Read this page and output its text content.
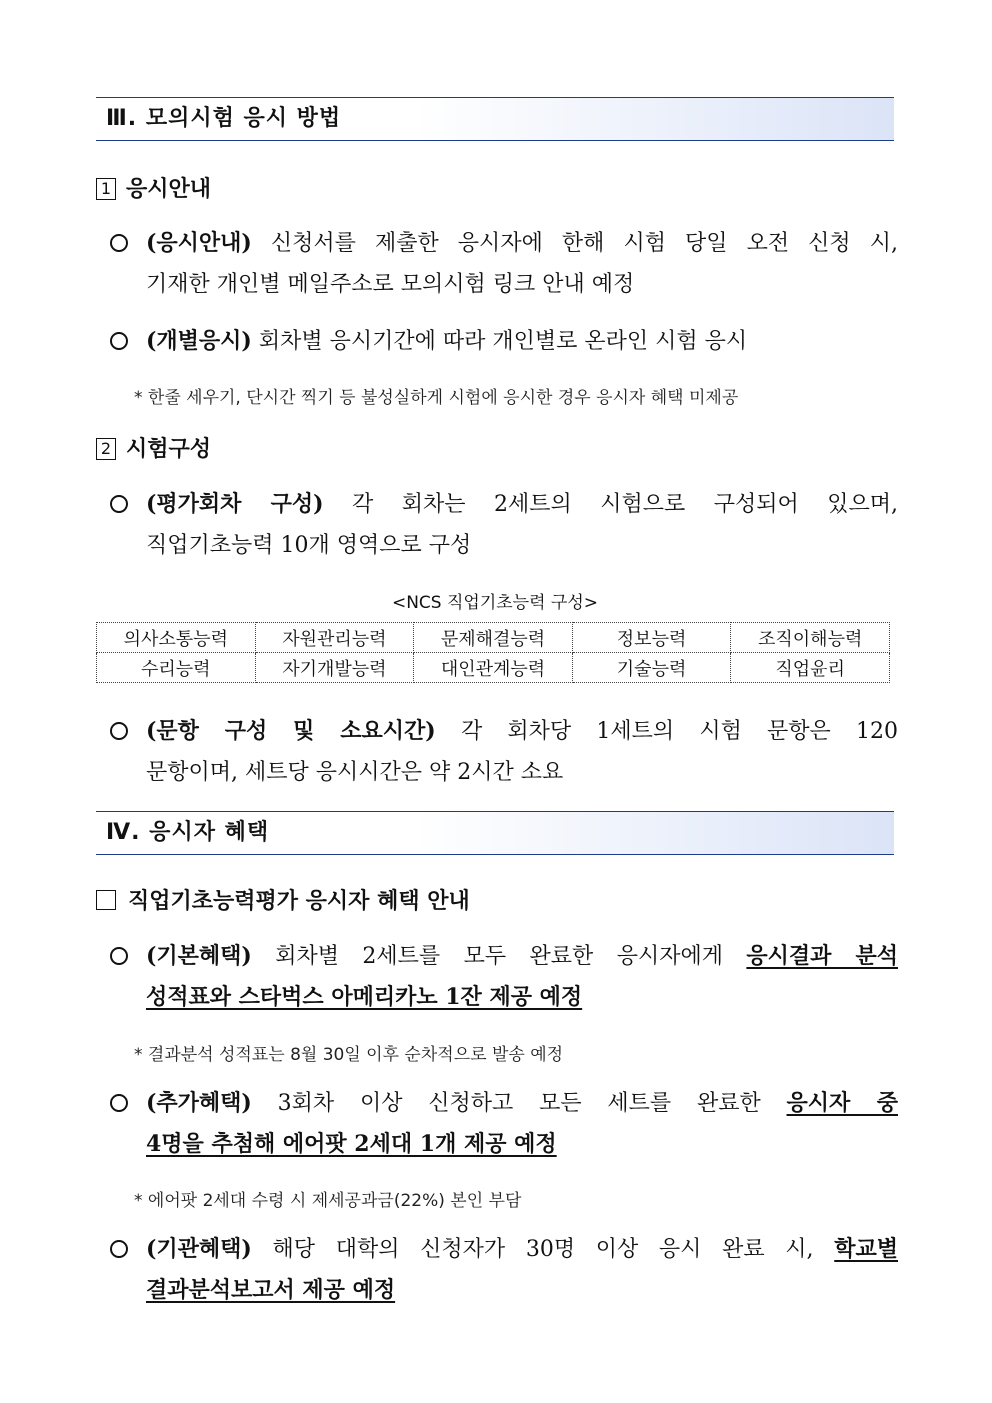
Ⅲ. 모의시험 응시 방법
1 응시안내
(응시안내) 신청서를 제출한 응시자에 한해 시험 당일 오전 신청 시,
기재한 개인별 메일주소로 모의시험 링크 안내 예정
(개별응시) 회차별 응시기간에 따라 개인별로 온라인 시험 응시
* 한줄 세우기, 단시간 찍기 등 불성실하게 시험에 응시한 경우 응시자 혜택 미제공
2 시험구성
(평가회차 구성) 각 회차는 2세트의 시험으로 구성되어 있으며,
직업기초능력 10개 영역으로 구성
<NCS 직업기초능력 구성>
의사소통능력	자원관리능력	문제해결능력	정보능력	조직이해능력
수리능력	자기개발능력	대인관계능력	기술능력	직업윤리
(문항 구성 및 소요시간) 각 회차당 1세트의 시험 문항은 120
문항이며, 세트당 응시시간은 약 2시간 소요
Ⅳ. 응시자 혜택
직업기초능력평가 응시자 혜택 안내
(기본혜택) 회차별 2세트를 모두 완료한 응시자에게 응시결과 분석
성적표와 스타벅스 아메리카노 1잔 제공 예정
* 결과분석 성적표는 8월 30일 이후 순차적으로 발송 예정
(추가혜택) 3회차 이상 신청하고 모든 세트를 완료한 응시자 중
4명을 추첨해 에어팟 2세대 1개 제공 예정
* 에어팟 2세대 수령 시 제세공과금(22%) 본인 부담
(기관혜택) 해당 대학의 신청자가 30명 이상 응시 완료 시, 학교별
결과분석보고서 제공 예정
